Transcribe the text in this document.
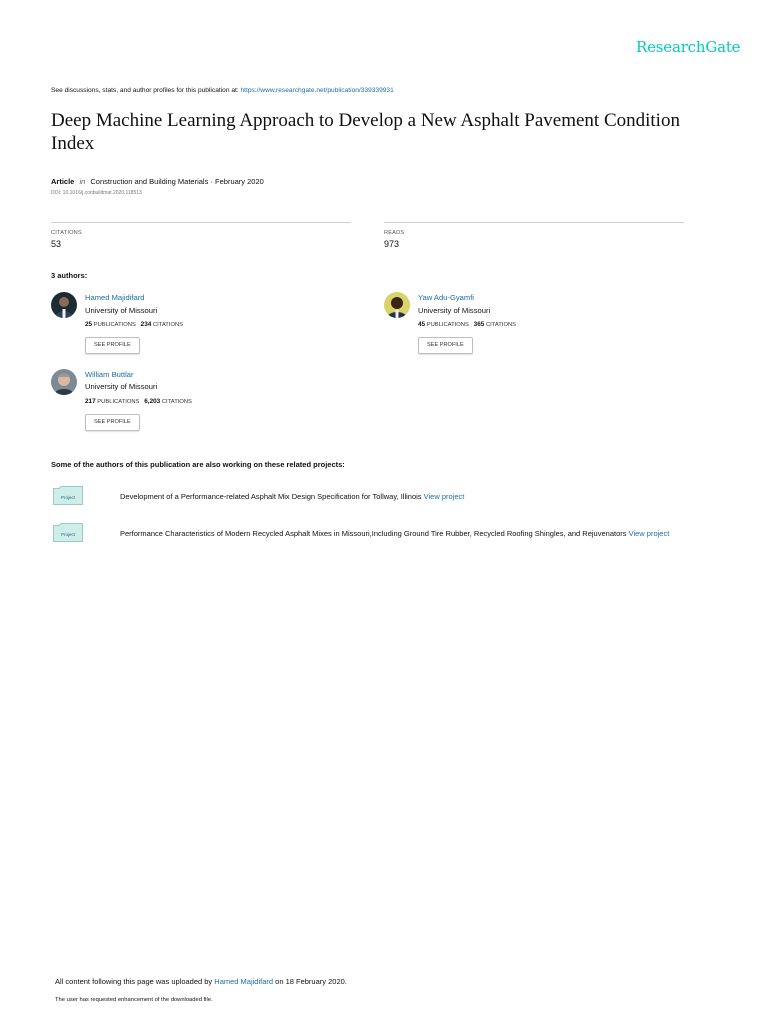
ResearchGate
See discussions, stats, and author profiles for this publication at: https://www.researchgate.net/publication/339339931
Deep Machine Learning Approach to Develop a New Asphalt Pavement Condition Index
Article in Construction and Building Materials · February 2020
DOI: 10.1016/j.conbuildmat.2020.118513
CITATIONS
53
READS
973
3 authors:
Hamed Majidifard
University of Missouri
25 PUBLICATIONS 234 CITATIONS
SEE PROFILE
Yaw Adu-Gyamfi
University of Missouri
45 PUBLICATIONS 365 CITATIONS
SEE PROFILE
William Buttlar
University of Missouri
217 PUBLICATIONS 6,203 CITATIONS
SEE PROFILE
Some of the authors of this publication are also working on these related projects:
Project	Development of a Performance-related Asphalt Mix Design Specification for Tollway, Illinois View project
Project	Performance Characteristics of Modern Recycled Asphalt Mixes in Missouri,Including Ground Tire Rubber, Recycled Roofing Shingles, and Rejuvenators View project
All content following this page was uploaded by Hamed Majidifard on 18 February 2020.
The user has requested enhancement of the downloaded file.
